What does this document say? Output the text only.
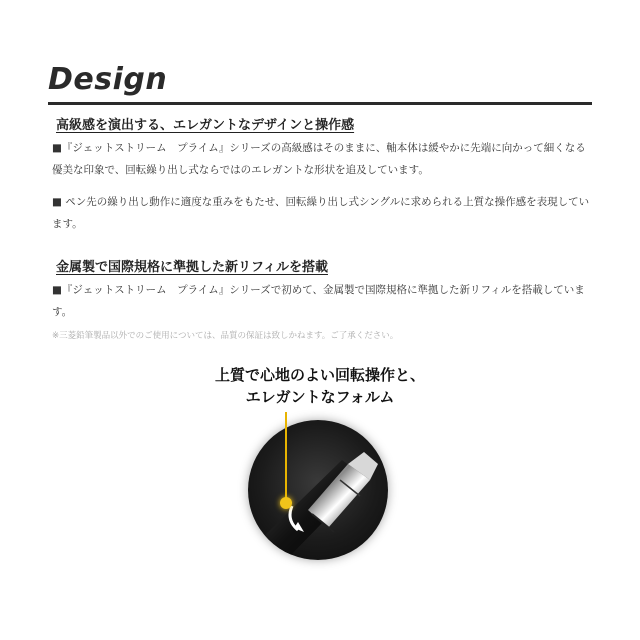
Design
高級感を演出する、エレガントなデザインと操作感

■『ジェットストリーム　プライム』シリーズの高級感はそのままに、軸本体は緩やかに先端に向かって細くなる優美な印象で、回転繰り出し式ならではのエレガントな形状を追及しています。

■ ペン先の繰り出し動作に適度な重みをもたせ、回転繰り出し式シングルに求められる上質な操作感を表現しています。

金属製で国際規格に準拠した新リフィルを搭載

■『ジェットストリーム　プライム』シリーズで初めて、金属製で国際規格に準拠した新リフィルを搭載しています。

※三菱鉛筆製品以外でのご使用については、品質の保証は致しかねます。ご了承ください。
上質で心地のよい回転操作と、
エレガントなフォルム
